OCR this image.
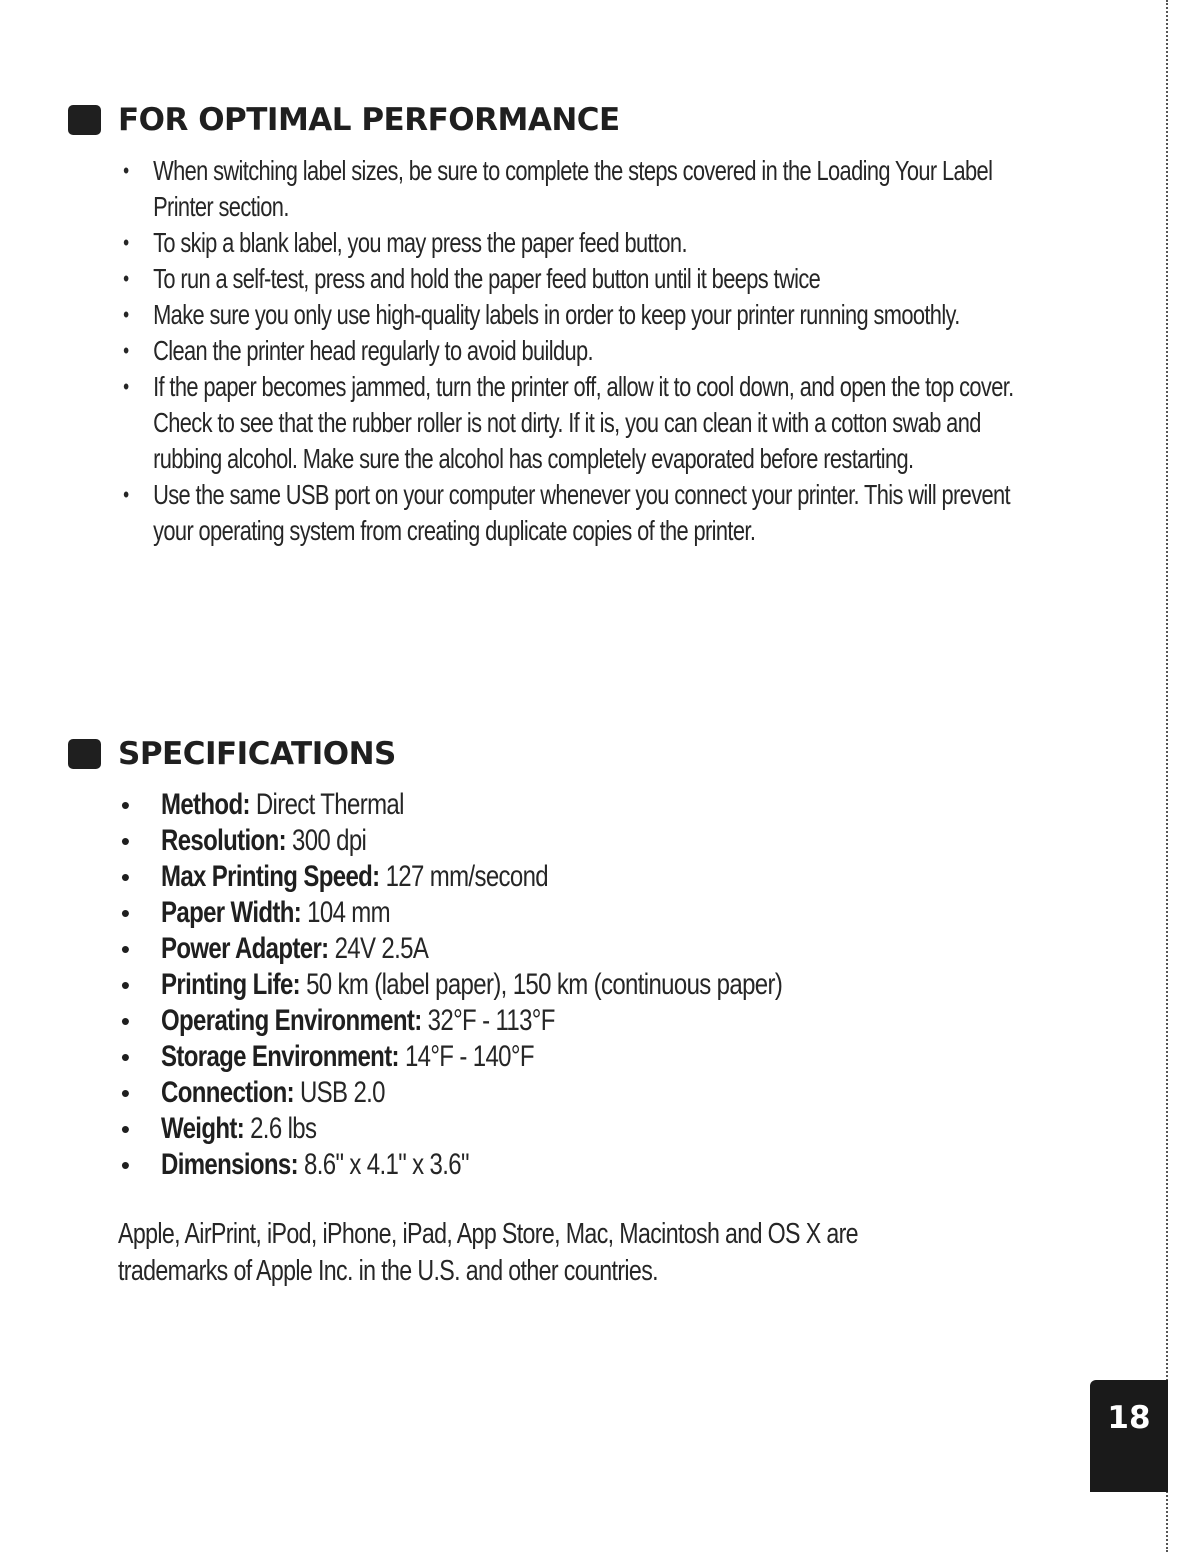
FOR OPTIMAL PERFORMANCE
• When switching label sizes, be sure to complete the steps covered in the Loading Your Label Printer section.
• To skip a blank label, you may press the paper feed button.
• To run a self-test, press and hold the paper feed button until it beeps twice
• Make sure you only use high-quality labels in order to keep your printer running smoothly.
• Clean the printer head regularly to avoid buildup.
• If the paper becomes jammed, turn the printer off, allow it to cool down, and open the top cover. Check to see that the rubber roller is not dirty. If it is, you can clean it with a cotton swab and rubbing alcohol. Make sure the alcohol has completely evaporated before restarting.
• Use the same USB port on your computer whenever you connect your printer. This will prevent your operating system from creating duplicate copies of the printer.
SPECIFICATIONS
• Method: Direct Thermal
• Resolution: 300 dpi
• Max Printing Speed: 127 mm/second
• Paper Width: 104 mm
• Power Adapter: 24V 2.5A
• Printing Life: 50 km (label paper), 150 km (continuous paper)
• Operating Environment: 32°F - 113°F
• Storage Environment: 14°F - 140°F
• Connection: USB 2.0
• Weight: 2.6 lbs
• Dimensions: 8.6" x 4.1" x 3.6"
Apple, AirPrint, iPod, iPhone, iPad, App Store, Mac, Macintosh and OS X are trademarks of Apple Inc. in the U.S. and other countries.
18
